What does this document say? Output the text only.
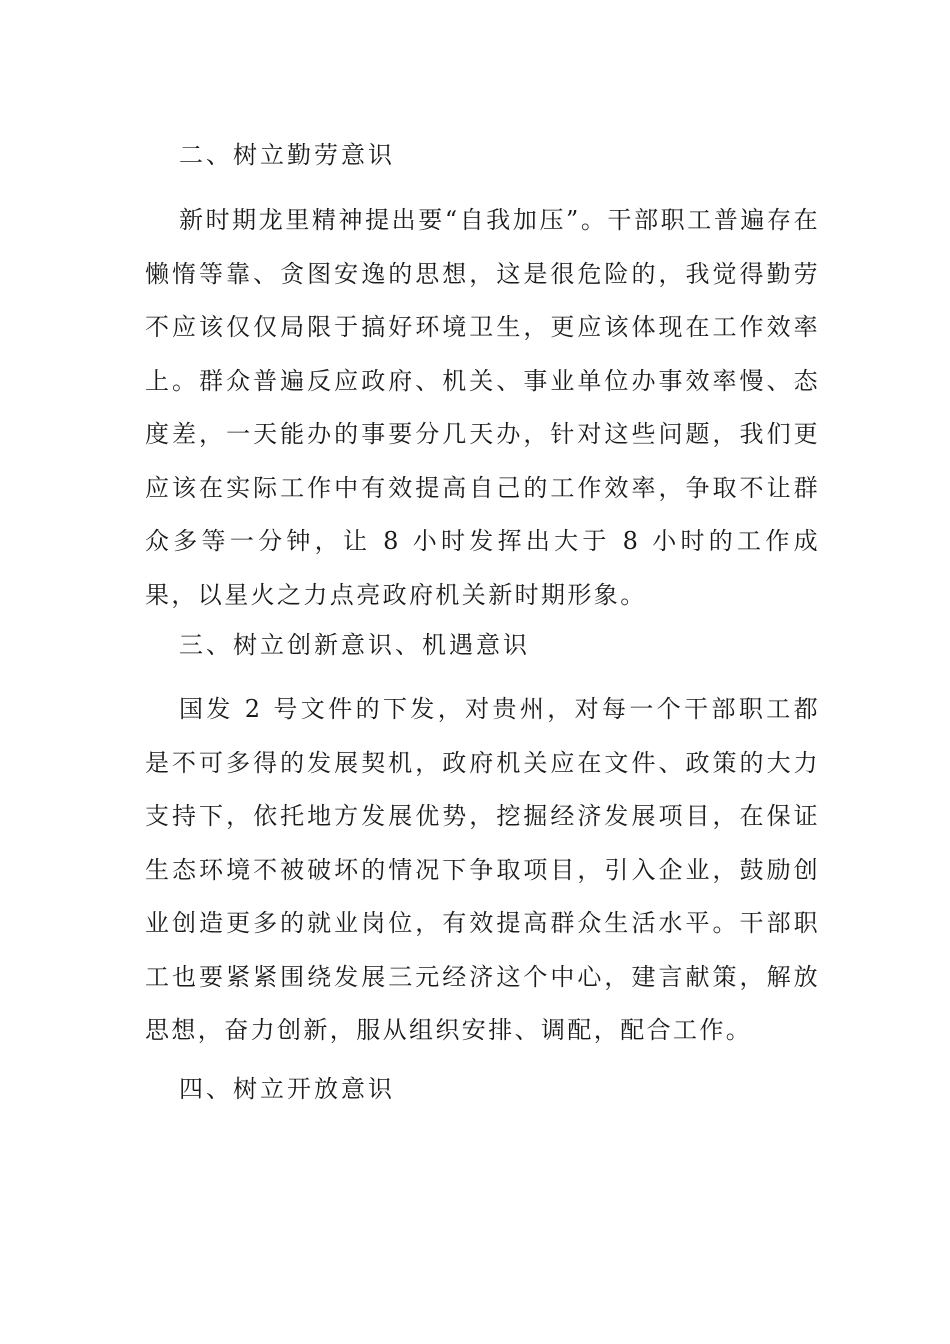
二、树立勤劳意识

新时期龙里精神提出要“自我加压”。干部职工普遍存在懒惰等靠、贪图安逸的思想，这是很危险的，我觉得勤劳不应该仅仅局限于搞好环境卫生，更应该体现在工作效率上。群众普遍反应政府、机关、事业单位办事效率慢、态度差，一天能办的事要分几天办，针对这些问题，我们更应该在实际工作中有效提高自己的工作效率，争取不让群众多等一分钟，让 8 小时发挥出大于 8 小时的工作成果，以星火之力点亮政府机关新时期形象。

三、树立创新意识、机遇意识

国发 2 号文件的下发，对贵州，对每一个干部职工都是不可多得的发展契机，政府机关应在文件、政策的大力支持下，依托地方发展优势，挖掘经济发展项目，在保证生态环境不被破坏的情况下争取项目，引入企业，鼓励创业创造更多的就业岗位，有效提高群众生活水平。干部职工也要紧紧围绕发展三元经济这个中心，建言献策，解放思想，奋力创新，服从组织安排、调配，配合工作。

四、树立开放意识
